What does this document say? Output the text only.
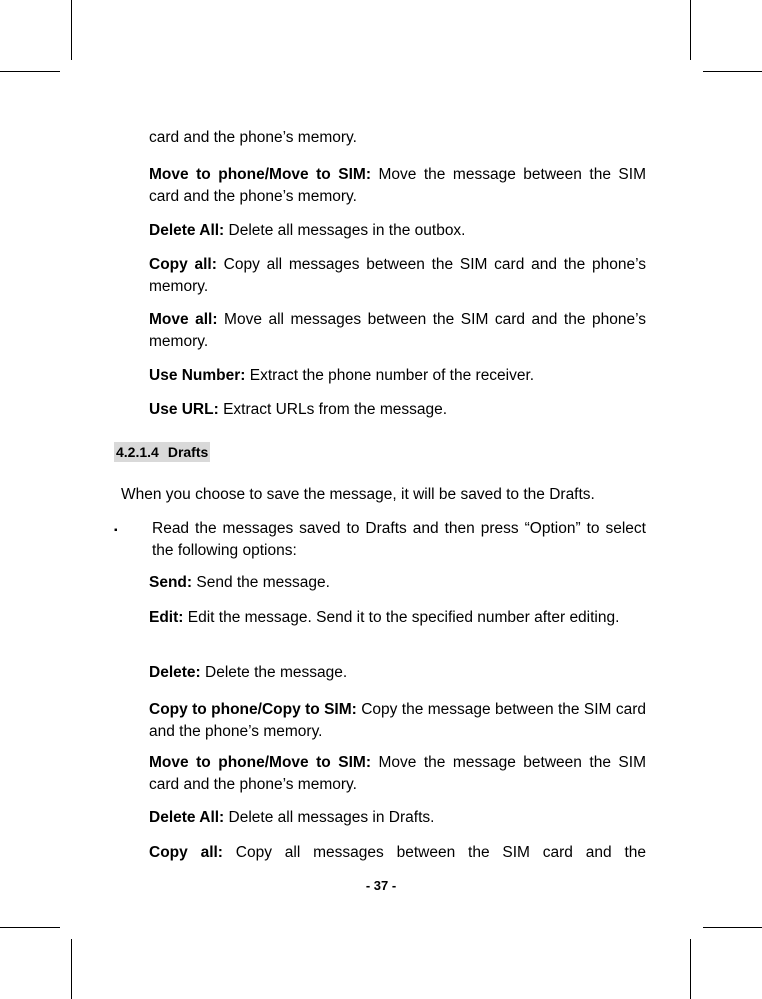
card and the phone’s memory.

Move to phone/Move to SIM: Move the message between the SIM card and the phone’s memory.

Delete All: Delete all messages in the outbox.

Copy all: Copy all messages between the SIM card and the phone’s memory.

Move all: Move all messages between the SIM card and the phone’s memory.

Use Number: Extract the phone number of the receiver.

Use URL: Extract URLs from the message.

4.2.1.4 Drafts
When you choose to save the message, it will be saved to the Drafts.
▪ Read the messages saved to Drafts and then press “Option” to select the following options:

Send: Send the message.

Edit: Edit the message. Send it to the specified number after editing.

Delete: Delete the message.

Copy to phone/Copy to SIM: Copy the message between the SIM card and the phone’s memory.

Move to phone/Move to SIM: Move the message between the SIM card and the phone’s memory.

Delete All: Delete all messages in Drafts.

Copy all: Copy all messages between the SIM card and the

- 37 -
